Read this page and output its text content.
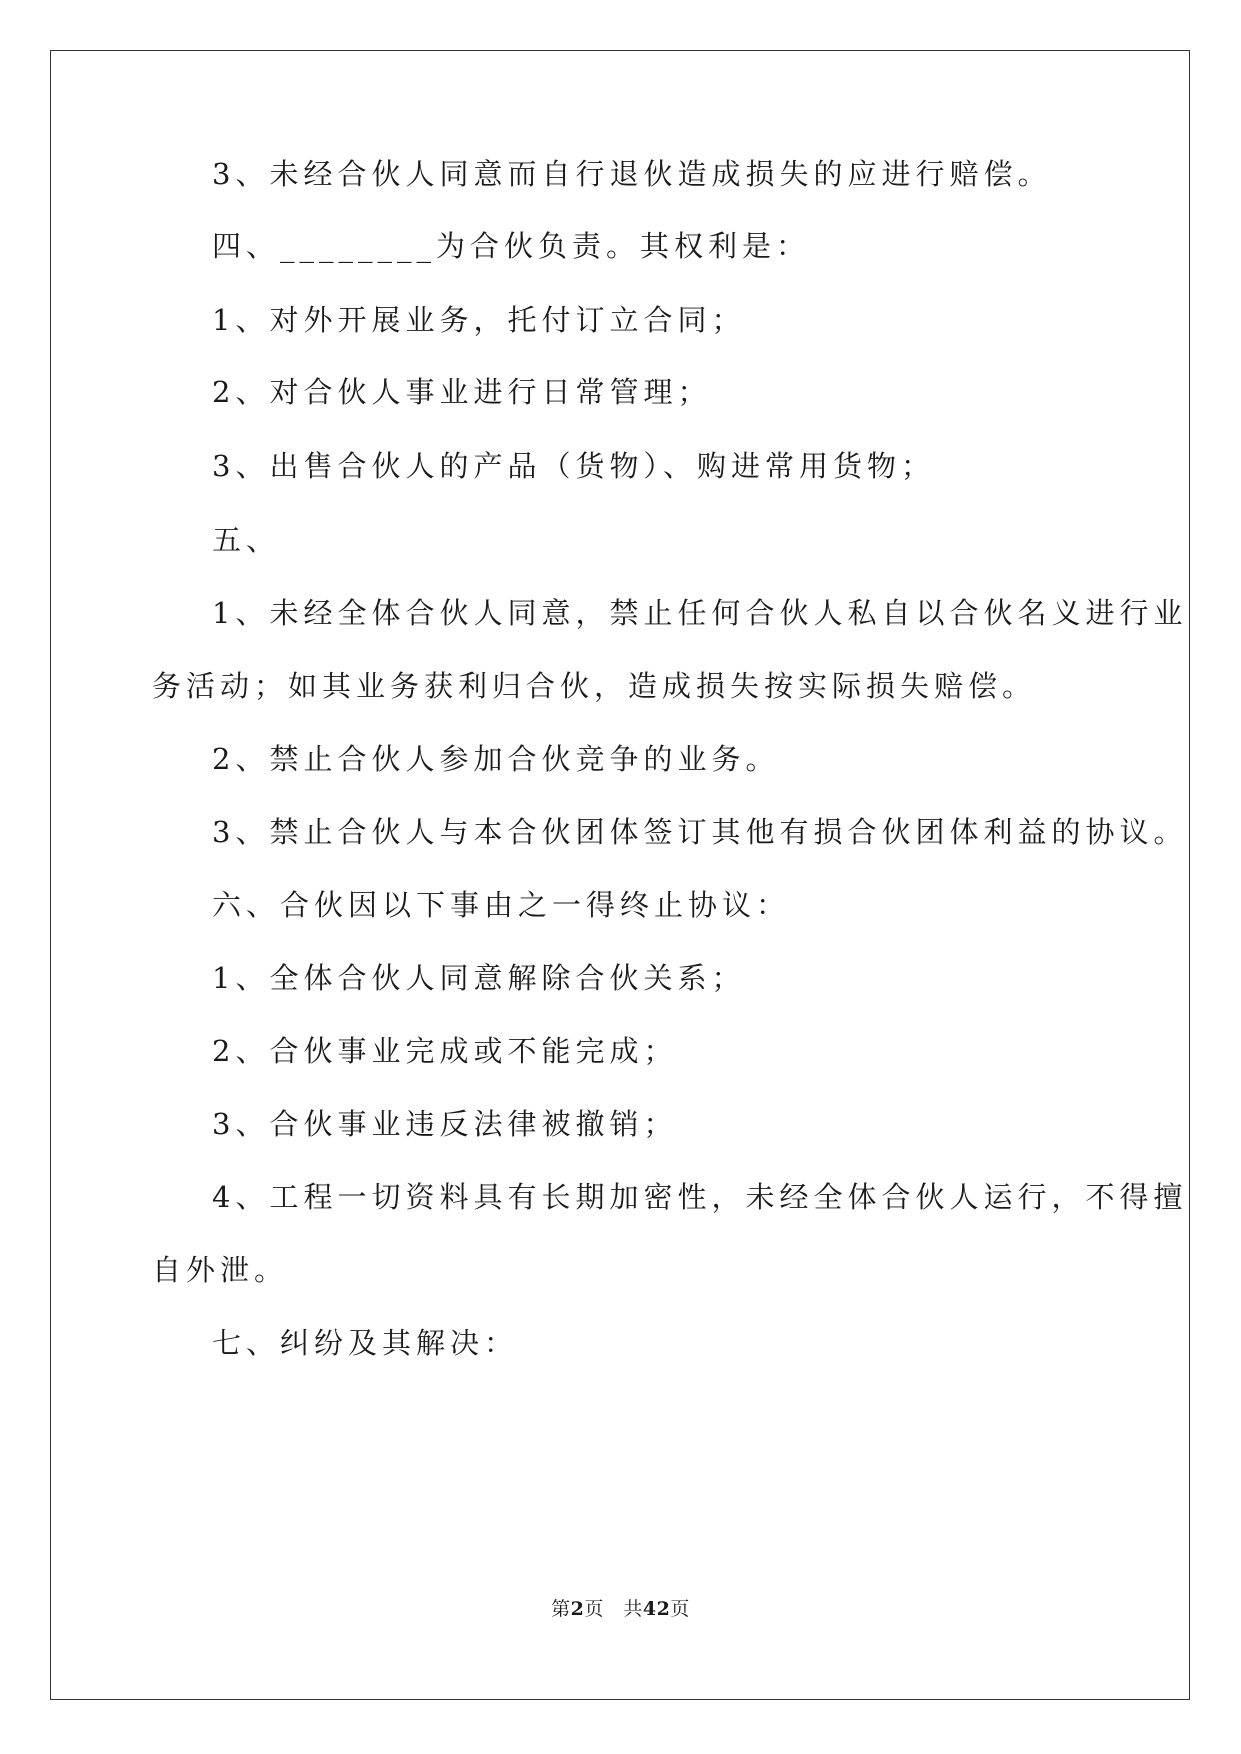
3、未经合伙人同意而自行退伙造成损失的应进行赔偿。
四、________为合伙负责。其权利是：
1、对外开展业务，托付订立合同；
2、对合伙人事业进行日常管理；
3、出售合伙人的产品（货物）、购进常用货物；
五、
1、未经全体合伙人同意，禁止任何合伙人私自以合伙名义进行业
务活动；如其业务获利归合伙，造成损失按实际损失赔偿。
2、禁止合伙人参加合伙竞争的业务。
3、禁止合伙人与本合伙团体签订其他有损合伙团体利益的协议。
六、合伙因以下事由之一得终止协议：
1、全体合伙人同意解除合伙关系；
2、合伙事业完成或不能完成；
3、合伙事业违反法律被撤销；
4、工程一切资料具有长期加密性，未经全体合伙人运行，不得擅
自外泄。
七、纠纷及其解决：
第2页　共42页
